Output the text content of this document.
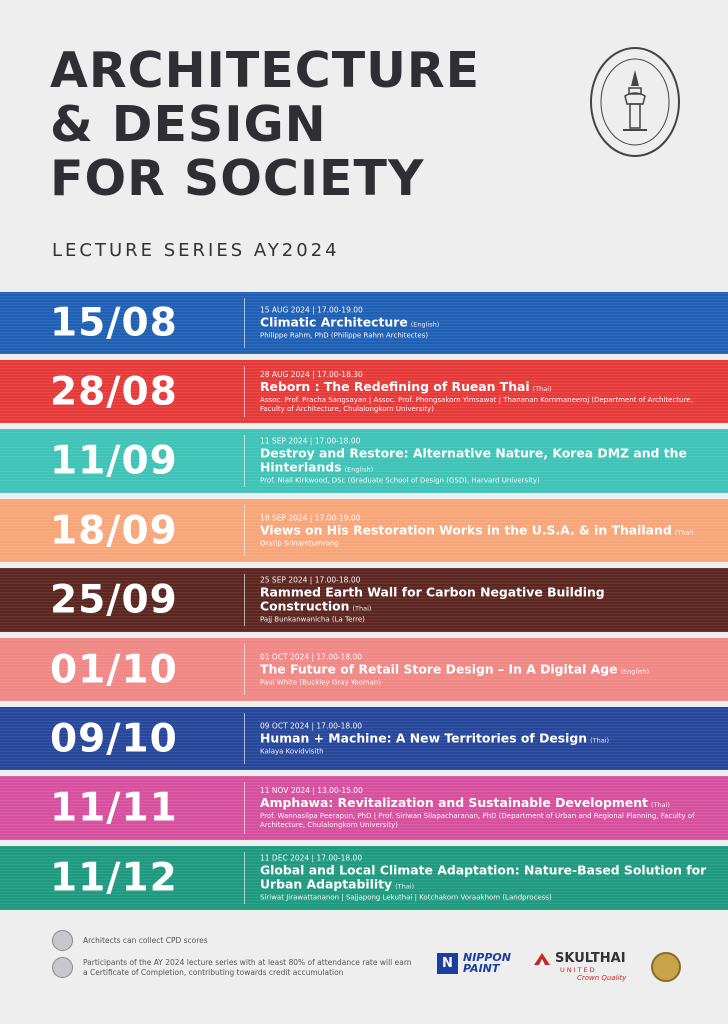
ARCHITECTURE
& DESIGN
FOR SOCIETY
LECTURE SERIES AY2024
15/08	15 AUG 2024 | 17.00-19.00
Climatic Architecture (English)
Philippe Rahm, PhD (Philippe Rahm Architectes)
28/08	28 AUG 2024 | 17.00-18.30
Reborn : The Redefining of Ruean Thai (Thai)
Assoc. Prof. Pracha Sangsayan | Assoc. Prof. Phongsakorn Yimsawat | Thananan Kornmaneeroj (Department of Architecture, Faculty of Architecture, Chulalongkorn University)
11/09	11 SEP 2024 | 17.00-18.00
Destroy and Restore: Alternative Nature, Korea DMZ and the Hinterlands (English)
Prof. Niall Kirkwood, DSc (Graduate School of Design (GSD), Harvard University)
18/09	18 SEP 2024 | 17.00-19.00
Views on His Restoration Works in the U.S.A. & in Thailand (Thai)
Oratip Srinamtumrong
25/09	25 SEP 2024 | 17.00-18.00
Rammed Earth Wall for Carbon Negative Building Construction (Thai)
Pajj Bunkanwanicha (La Terre)
01/10	01 OCT 2024 | 17.00-18.00
The Future of Retail Store Design – In A Digital Age (English)
Paul White (Buckley Gray Yeoman)
09/10	09 OCT 2024 | 17.00-18.00
Human + Machine: A New Territories of Design (Thai)
Kalaya Kovidvisith
11/11	11 NOV 2024 | 13.00-15.00
Amphawa: Revitalization and Sustainable Development (Thai)
Prof. Wannasilpa Peerapun, PhD | Prof. Siriwan Silapacharanan, PhD (Department of Urban and Regional Planning, Faculty of Architecture, Chulalongkorn University)
11/12	11 DEC 2024 | 17.00-18.00
Global and Local Climate Adaptation: Nature-Based Solution for Urban Adaptability (Thai)
Siriwat Jirawattananon | Sajjapong Lekuthai | Kotchakorn Voraakhom (Landprocess)
Architects can collect CPD scores
Participants of the AY 2024 lecture series with at least 80% of attendance rate will earn a Certificate of Completion, contributing towards credit accumulation
N NIPPON
PAINT
SKULTHAI
UNITED
Crown Quality
